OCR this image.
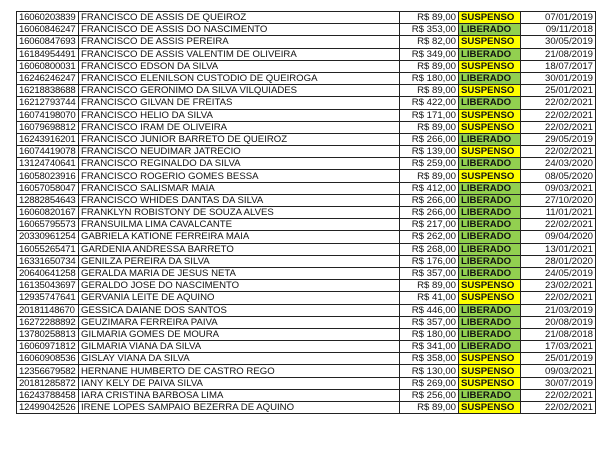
16060203839	FRANCISCO DE ASSIS DE QUEIROZ	R$ 89,00	SUSPENSO	07/01/2019
16060846247	FRANCISCO DE ASSIS DO NASCIMENTO	R$ 353,00	LIBERADO	09/11/2018
16060847693	FRANCISCO DE ASSIS PEREIRA	R$ 82,00	SUSPENSO	30/05/2019
16184954491	FRANCISCO DE ASSIS VALENTIM DE OLIVEIRA	R$ 349,00	LIBERADO	21/08/2019
16060800031	FRANCISCO EDSON DA SILVA	R$ 89,00	SUSPENSO	18/07/2017
16246246247	FRANCISCO ELENILSON CUSTODIO DE QUEIROGA	R$ 180,00	LIBERADO	30/01/2019
16218838688	FRANCISCO GERONIMO DA SILVA VILQUIADES	R$ 89,00	SUSPENSO	25/01/2021
16212793744	FRANCISCO GILVAN DE FREITAS	R$ 422,00	LIBERADO	22/02/2021
16074198070	FRANCISCO HELIO DA SILVA	R$ 171,00	SUSPENSO	22/02/2021
16079698812	FRANCISCO IRAM DE OLIVEIRA	R$ 89,00	SUSPENSO	22/02/2021
16243916201	FRANCISCO JUNIOR BARRETO DE QUEIROZ	R$ 266,00	LIBERADO	29/05/2019
16074419078	FRANCISCO NEUDIMAR JATRECIO	R$ 139,00	SUSPENSO	22/02/2021
13124740641	FRANCISCO REGINALDO DA SILVA	R$ 259,00	LIBERADO	24/03/2020
16058023916	FRANCISCO ROGERIO GOMES BESSA	R$ 89,00	SUSPENSO	08/05/2020
16057058047	FRANCISCO SALISMAR MAIA	R$ 412,00	LIBERADO	09/03/2021
12882854643	FRANCISCO WHIDES DANTAS DA SILVA	R$ 266,00	LIBERADO	27/10/2020
16060820167	FRANKLYN ROBISTONY DE SOUZA ALVES	R$ 266,00	LIBERADO	11/01/2021
16065795573	FRANSUILMA LIMA CAVALCANTE	R$ 217,00	LIBERADO	22/02/2021
20330961254	GABRIELA KATIONE FERREIRA MAIA	R$ 262,00	LIBERADO	09/04/2020
16055265471	GARDENIA ANDRESSA BARRETO	R$ 268,00	LIBERADO	13/01/2021
16331650734	GENILZA PEREIRA DA SILVA	R$ 176,00	LIBERADO	28/01/2020
20640641258	GERALDA MARIA DE JESUS NETA	R$ 357,00	LIBERADO	24/05/2019
16135043697	GERALDO JOSE DO NASCIMENTO	R$ 89,00	SUSPENSO	23/02/2021
12935747641	GERVANIA LEITE DE AQUINO	R$ 41,00	SUSPENSO	22/02/2021
20181148670	GESSICA DAIANE DOS SANTOS	R$ 446,00	LIBERADO	21/03/2019
16272288892	GEUZIMARA FERREIRA PAIVA	R$ 357,00	LIBERADO	20/08/2019
13780258813	GILMARIA GOMES DE MOURA	R$ 180,00	LIBERADO	21/08/2018
16060971812	GILMARIA VIANA DA SILVA	R$ 341,00	LIBERADO	17/03/2021
16060908536	GISLAY VIANA DA SILVA	R$ 358,00	SUSPENSO	25/01/2019
12356679582	HERNANE HUMBERTO DE CASTRO REGO	R$ 130,00	SUSPENSO	09/03/2021
20181285872	IANY KELY DE PAIVA SILVA	R$ 269,00	SUSPENSO	30/07/2019
16243788458	IARA CRISTINA BARBOSA LIMA	R$ 256,00	LIBERADO	22/02/2021
12499042526	IRENE LOPES SAMPAIO BEZERRA DE AQUINO	R$ 89,00	SUSPENSO	22/02/2021
